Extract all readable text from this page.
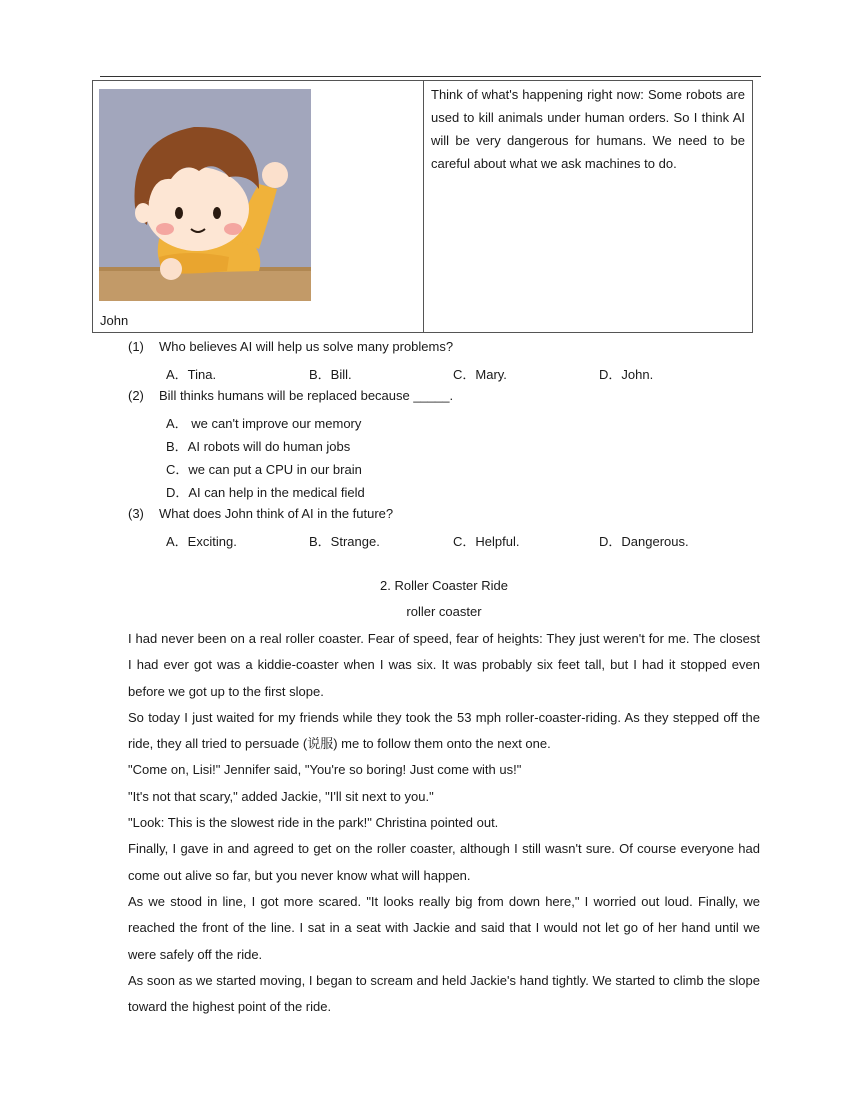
John

Think of what's happening right now: Some robots are used to kill animals under human orders. So I think AI will be very dangerous for humans. We need to be careful about what we ask machines to do.

(1) Who believes AI will help us solve many problems?
A．Tina.	B．Bill.	C．Mary.	D．John.
(2) Bill thinks humans will be replaced because _____.
A． we can't improve our memory
B．AI robots will do human jobs
C．we can put a CPU in our brain
D．AI can help in the medical field
(3) What does John think of AI in the future?
A．Exciting.	B．Strange.	C．Helpful.	D．Dangerous.
2. Roller Coaster Ride
roller coaster

I had never been on a real roller coaster. Fear of speed, fear of heights: They just weren't for me. The closest I had ever got was a kiddie-coaster when I was six. It was probably six feet tall, but I had it stopped even before we got up to the first slope.

So today I just waited for my friends while they took the 53 mph roller-coaster-riding. As they stepped off the ride, they all tried to persuade (说服) me to follow them onto the next one.

"Come on, Lisi!" Jennifer said, "You're so boring! Just come with us!"

"It's not that scary," added Jackie, "I'll sit next to you."

"Look: This is the slowest ride in the park!" Christina pointed out.

Finally, I gave in and agreed to get on the roller coaster, although I still wasn't sure. Of course everyone had come out alive so far, but you never know what will happen.

As we stood in line, I got more scared. "It looks really big from down here," I worried out loud. Finally, we reached the front of the line. I sat in a seat with Jackie and said that I would not let go of her hand until we were safely off the ride.

As soon as we started moving, I began to scream and held Jackie's hand tightly. We started to climb the slope toward the highest point of the ride.
